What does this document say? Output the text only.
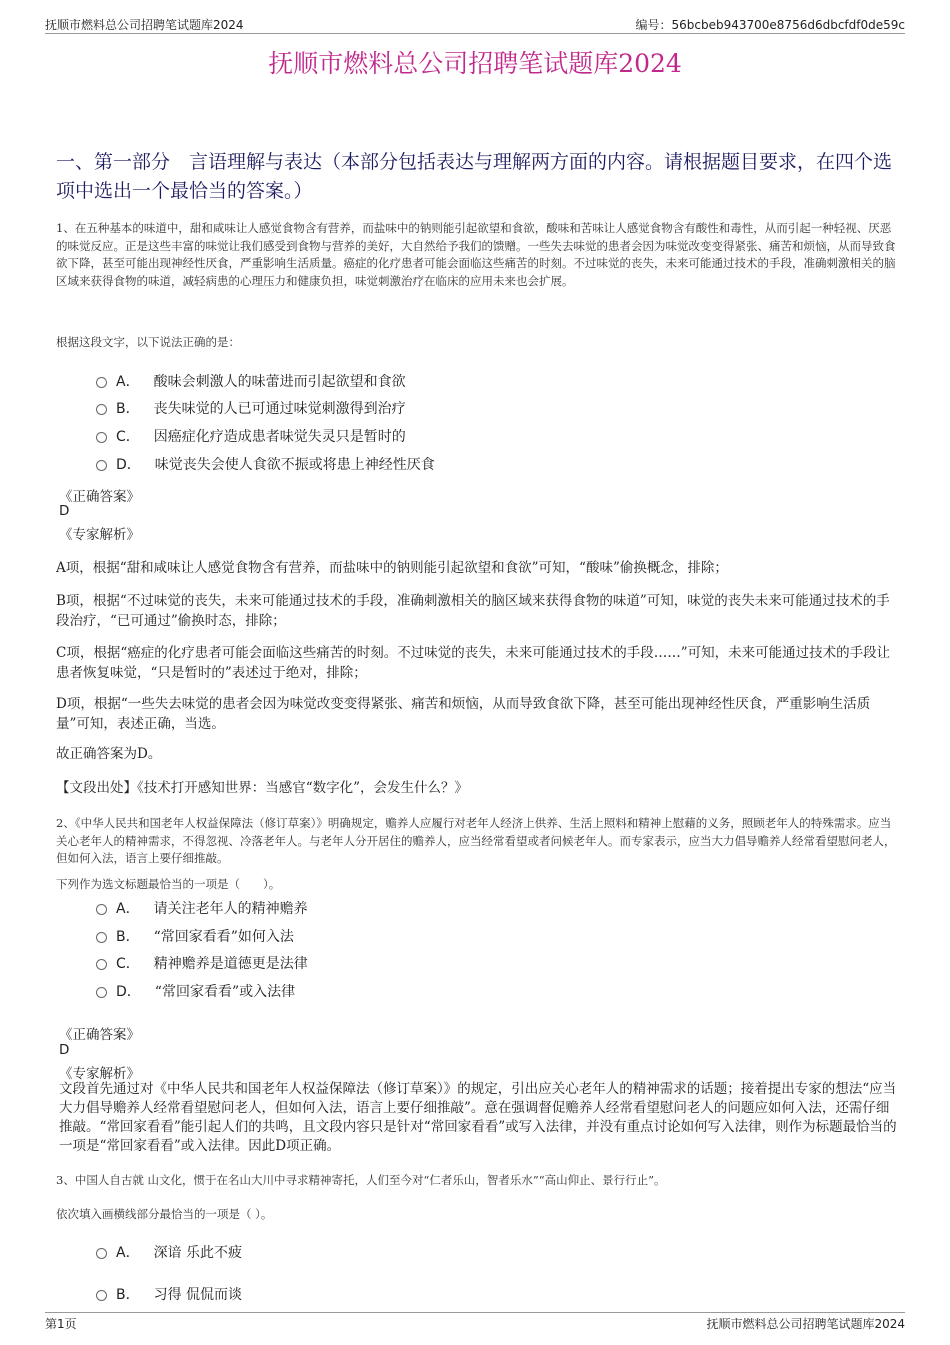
抚顺市燃料总公司招聘笔试题库2024	编号：56bcbeb943700e8756d6dbcfdf0de59c
抚顺市燃料总公司招聘笔试题库2024
一、第一部分　言语理解与表达（本部分包括表达与理解两方面的内容。请根据题目要求，在四个选项中选出一个最恰当的答案。）
1、在五种基本的味道中，甜和咸味让人感觉食物含有营养，而盐味中的钠则能引起欲望和食欲，酸味和苦味让人感觉食物含有酸性和毒性，从而引起一种轻视、厌恶的味觉反应。正是这些丰富的味觉让我们感受到食物与营养的美好，大自然给予我们的馈赠。一些失去味觉的患者会因为味觉改变变得紧张、痛苦和烦恼，从而导致食欲下降，甚至可能出现神经性厌食，严重影响生活质量。癌症的化疗患者可能会面临这些痛苦的时刻。不过味觉的丧失，未来可能通过技术的手段，准确刺激相关的脑区域来获得食物的味道，减轻病患的心理压力和健康负担，味觉刺激治疗在临床的应用未来也会扩展。
根据这段文字，以下说法正确的是：
A． 酸味会刺激人的味蕾进而引起欲望和食欲
B． 丧失味觉的人已可通过味觉刺激得到治疗
C． 因癌症化疗造成患者味觉失灵只是暂时的
D． 味觉丧失会使人食欲不振或将患上神经性厌食
《正确答案》
D
《专家解析》
A项，根据“甜和咸味让人感觉食物含有营养，而盐味中的钠则能引起欲望和食欲”可知，“酸味”偷换概念，排除；
B项，根据“不过味觉的丧失，未来可能通过技术的手段，准确刺激相关的脑区域来获得食物的味道”可知，味觉的丧失未来可能通过技术的手段治疗，“已可通过”偷换时态，排除；
C项，根据“癌症的化疗患者可能会面临这些痛苦的时刻。不过味觉的丧失，未来可能通过技术的手段……”可知，未来可能通过技术的手段让患者恢复味觉，“只是暂时的”表述过于绝对，排除；
D项，根据“一些失去味觉的患者会因为味觉改变变得紧张、痛苦和烦恼，从而导致食欲下降，甚至可能出现神经性厌食，严重影响生活质量”可知，表述正确，当选。
故正确答案为D。
【文段出处】《技术打开感知世界：当感官“数字化”，会发生什么？》
2、《中华人民共和国老年人权益保障法（修订草案）》明确规定，赡养人应履行对老年人经济上供养、生活上照料和精神上慰藉的义务，照顾老年人的特殊需求。应当关心老年人的精神需求，不得忽视、冷落老年人。与老年人分开居住的赡养人，应当经常看望或者问候老年人。而专家表示，应当大力倡导赡养人经常看望慰问老人，但如何入法，语言上要仔细推敲。
下列作为选文标题最恰当的一项是（　　）。
A． 请关注老年人的精神赡养
B． “常回家看看”如何入法
C． 精神赡养是道德更是法律
D． “常回家看看”或入法律
《正确答案》
D
《专家解析》
文段首先通过对《中华人民共和国老年人权益保障法（修订草案）》的规定，引出应关心老年人的精神需求的话题；接着提出专家的想法“应当大力倡导赡养人经常看望慰问老人，但如何入法，语言上要仔细推敲”。意在强调督促赡养人经常看望慰问老人的问题应如何入法，还需仔细推敲。“常回家看看”能引起人们的共鸣，且文段内容只是针对“常回家看看”或写入法律，并没有重点讨论如何写入法律，则作为标题最恰当的一项是“常回家看看”或入法律。因此D项正确。
3、中国人自古就 山文化，惯于在名山大川中寻求精神寄托，人们至今对“仁者乐山，智者乐水”“高山仰止、景行行止”。
依次填入画横线部分最恰当的一项是（ ）。
A． 深谙 乐此不疲
B． 习得 侃侃而谈
第1页	抚顺市燃料总公司招聘笔试题库2024
